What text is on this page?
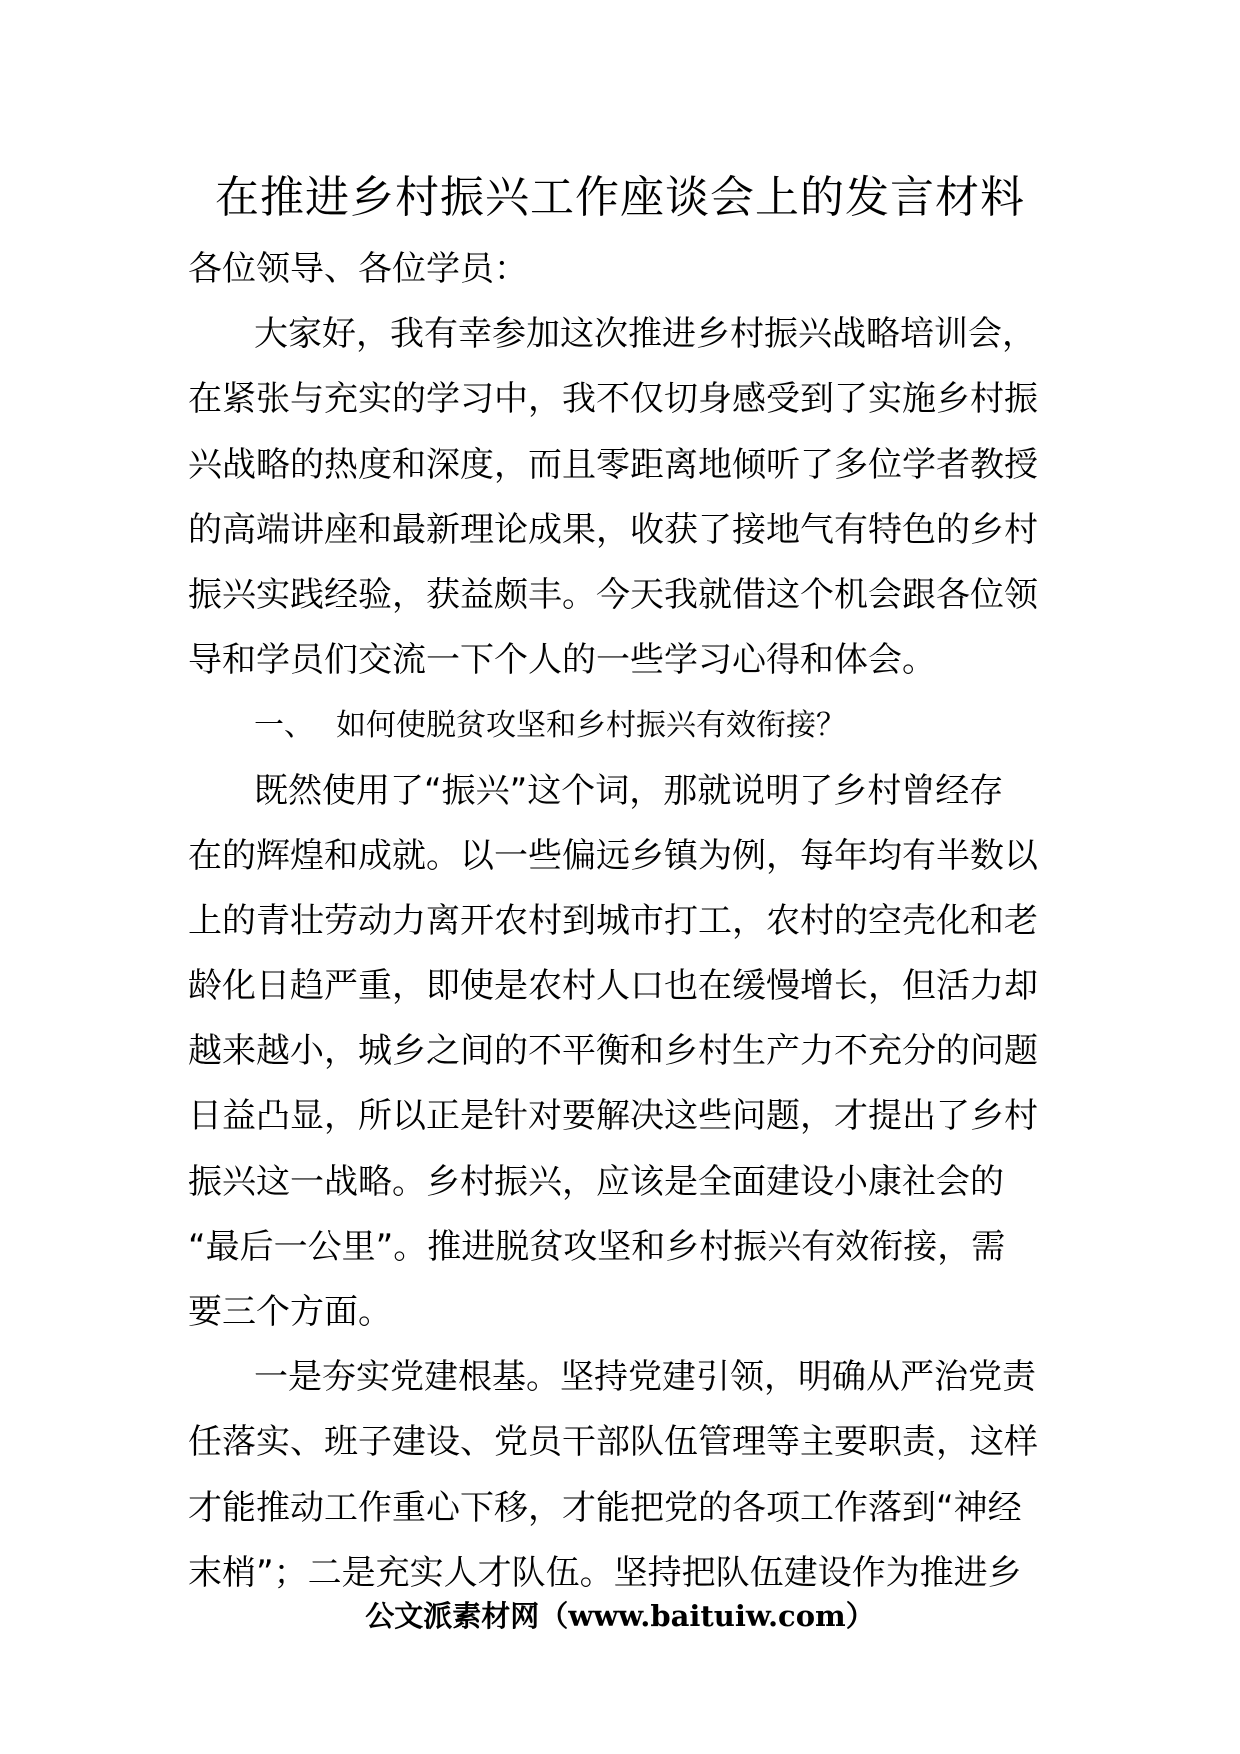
在推进乡村振兴工作座谈会上的发言材料
各位领导、各位学员：
大家好，我有幸参加这次推进乡村振兴战略培训会，
在紧张与充实的学习中，我不仅切身感受到了实施乡村振
兴战略的热度和深度，而且零距离地倾听了多位学者教授
的高端讲座和最新理论成果，收获了接地气有特色的乡村
振兴实践经验，获益颇丰。今天我就借这个机会跟各位领
导和学员们交流一下个人的一些学习心得和体会。
一、 如何使脱贫攻坚和乡村振兴有效衔接？
既然使用了“振兴”这个词，那就说明了乡村曾经存
在的辉煌和成就。以一些偏远乡镇为例，每年均有半数以
上的青壮劳动力离开农村到城市打工，农村的空壳化和老
龄化日趋严重，即使是农村人口也在缓慢增长，但活力却
越来越小，城乡之间的不平衡和乡村生产力不充分的问题
日益凸显，所以正是针对要解决这些问题，才提出了乡村
振兴这一战略。乡村振兴，应该是全面建设小康社会的
“最后一公里”。推进脱贫攻坚和乡村振兴有效衔接，需
要三个方面。
一是夯实党建根基。坚持党建引领，明确从严治党责
任落实、班子建设、党员干部队伍管理等主要职责，这样
才能推动工作重心下移，才能把党的各项工作落到“神经
末梢”；二是充实人才队伍。坚持把队伍建设作为推进乡
公文派素材网（www.baituiw.com）
